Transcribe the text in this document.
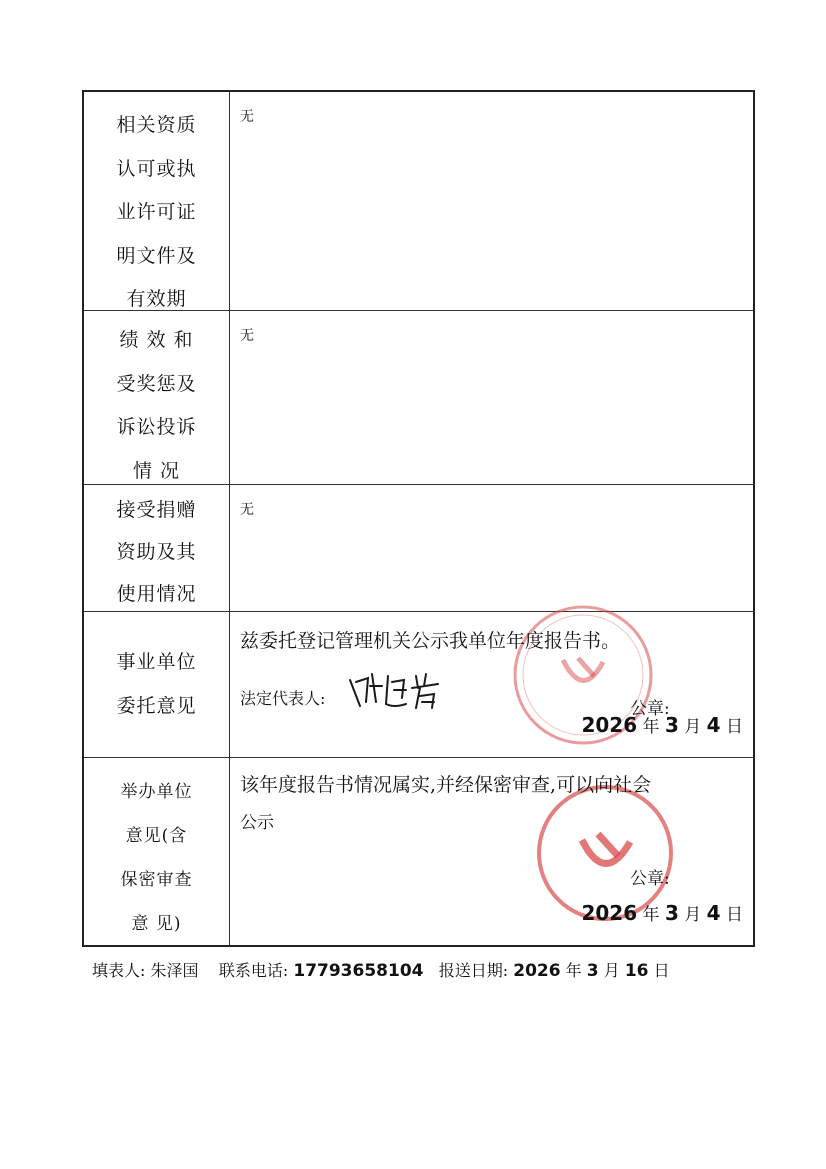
相关资质
认可或执
业许可证
明文件及
有效期
无
绩 效 和
受奖惩及
诉讼投诉
情 况
无
接受捐赠
资助及其
使用情况
无
事业单位
委托意见
兹委托登记管理机关公示我单位年度报告书。
法定代表人:
公章:
2026 年 3 月 4 日
举办单位
意见(含
保密审查
意 见)
该年度报告书情况属实,并经保密审查,可以向社会
公示
公章:
2026 年 3 月 4 日
填表人: 朱泽国 联系电话: 17793658104 报送日期: 2026 年 3 月 16 日
